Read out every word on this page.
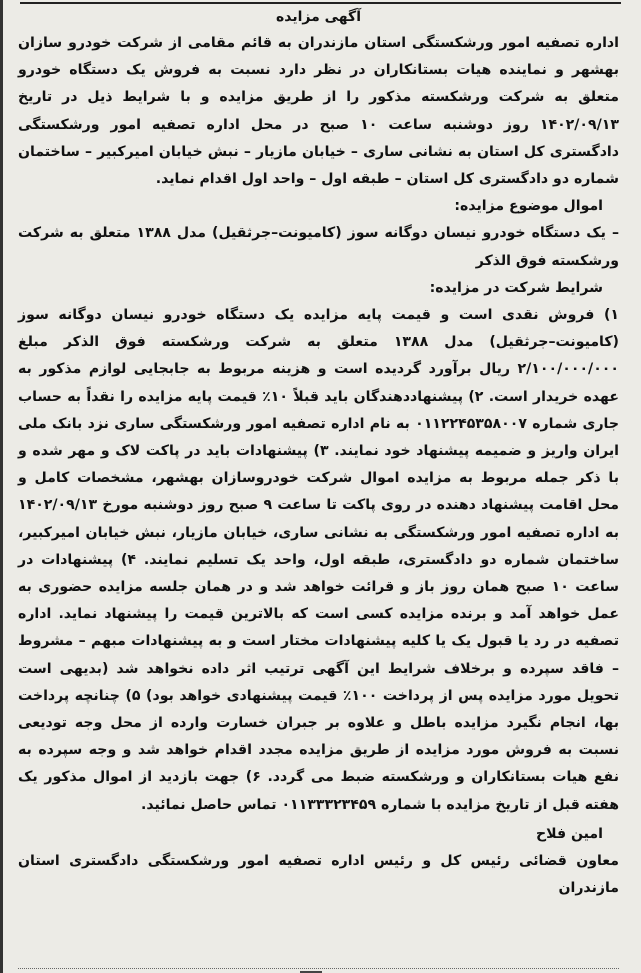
آگهی مزایده

اداره تصفیه امور ورشکستگی استان مازندران به قائم مقامی از شرکت خودرو سازان بهشهر و نماینده هیات بستانکاران در نظر دارد نسبت به فروش یک دستگاه خودرو متعلق به شرکت ورشکسته مذکور را از طریق مزایده و با شرایط ذیل در تاریخ ۱۴۰۲/۰۹/۱۳ روز دوشنبه ساعت ۱۰ صبح در محل اداره تصفیه امور ورشکستگی دادگستری کل استان به نشانی ساری – خیابان مازیار – نبش خیابان امیرکبیر – ساختمان شماره دو دادگستری کل استان – طبقه اول – واحد اول اقدام نماید.

اموال موضوع مزایده:

– یک دستگاه خودرو نیسان دوگانه سوز (کامیونت–جرثقیل) مدل ۱۳۸۸ متعلق به شرکت ورشکسته فوق الذکر

شرایط شرکت در مزایده:

۱) فروش نقدی است و قیمت پایه مزایده یک دستگاه خودرو نیسان دوگانه سوز (کامیونت–جرثقیل) مدل ۱۳۸۸ متعلق به شرکت ورشکسته فوق الذکر مبلغ ۲/۱۰۰/۰۰۰/۰۰۰ ریال برآورد گردیده است و هزینه مربوط به جابجایی لوازم مذکور به عهده خریدار است. ۲) پیشنهاددهندگان باید قبلاً ۱۰٪ قیمت پایه مزایده را نقداً به حساب جاری شماره ۰۱۱۲۲۴۵۳۵۸۰۰۷ به نام اداره تصفیه امور ورشکستگی ساری نزد بانک ملی ایران واریز و ضمیمه پیشنهاد خود نمایند. ۳) پیشنهادات باید در پاکت لاک و مهر شده و با ذکر جمله مربوط به مزایده اموال شرکت خودروسازان بهشهر، مشخصات کامل و محل اقامت پیشنهاد دهنده در روی پاکت تا ساعت ۹ صبح روز دوشنبه مورخ ۱۴۰۲/۰۹/۱۳ به اداره تصفیه امور ورشکستگی به نشانی ساری، خیابان مازیار، نبش خیابان امیرکبیر، ساختمان شماره دو دادگستری، طبقه اول، واحد یک تسلیم نمایند. ۴) پیشنهادات در ساعت ۱۰ صبح همان روز باز و قرائت خواهد شد و در همان جلسه مزایده حضوری به عمل خواهد آمد و برنده مزایده کسی است که بالاترین قیمت را پیشنهاد نماید. اداره تصفیه در رد یا قبول یک یا کلیه پیشنهادات مختار است و به پیشنهادات مبهم – مشروط – فاقد سپرده و برخلاف شرایط این آگهی ترتیب اثر داده نخواهد شد (بدیهی است تحویل مورد مزایده پس از پرداخت ۱۰۰٪ قیمت پیشنهادی خواهد بود) ۵) چنانچه پرداخت بها، انجام نگیرد مزایده باطل و علاوه بر جبران خسارت وارده از محل وجه تودیعی نسبت به فروش مورد مزایده از طریق مزایده مجدد اقدام خواهد شد و وجه سپرده به نفع هیات بستانکاران و ورشکسته ضبط می گردد. ۶) جهت بازدید از اموال مذکور یک هفته قبل از تاریخ مزایده با شماره ۰۱۱۳۳۳۲۳۴۵۹ تماس حاصل نمائید.

امین فلاح

معاون قضائی رئیس کل و رئیس اداره تصفیه امور ورشکستگی دادگستری استان مازندران
